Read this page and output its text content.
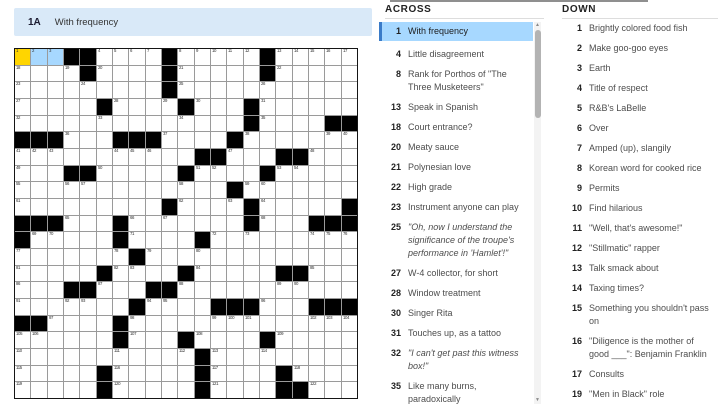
1A With frequency
1 2 3	4 5 6 7	8 9 10 11 12	13 14 15 16 17
18	19	20	21	22
23	24	25	26
27	28	29	30	31
32	33	34	35
36	37	38	39 40
41 42 43	44 45 46	47	48
49	50	51 52	53 54
55	56 57	58	59 60
61	62	63	64
65	66	67	68
69 70	71	72	73	74 75 76
77	78	79	80
81	82 83	84	85
86	87	88	89 90
91	92 93	94 95	96
97	98	99 100 101	102 103 104
105 106	107	108	109
110	111	112	113	114
115	116	117	118
119	120	121	122
ACROSS
1 With frequency
4 Little disagreement
8 Rank for Porthos of "The Three Musketeers"
13 Speak in Spanish
18 Court entrance?
20 Meaty sauce
21 Polynesian love
22 High grade
23 Instrument anyone can play
25 "Oh, now I understand the significance of the troupe's performance in 'Hamlet'!"
27 W-4 collector, for short
28 Window treatment
30 Singer Rita
31 Touches up, as a tattoo
32 "I can't get past this witness box!"
35 Like many burns, paradoxically
▲
▼
DOWN
1 Brightly colored food fish
2 Make goo-goo eyes
3 Earth
4 Title of respect
5 R&B's LaBelle
6 Over
7 Amped (up), slangily
8 Korean word for cooked rice
9 Permits
10 Find hilarious
11 "Well, that's awesome!"
12 "Stillmatic" rapper
13 Talk smack about
14 Taxing times?
15 Something you shouldn't pass on
16 "Diligence is the mother of good ___": Benjamin Franklin
17 Consults
19 "Men in Black" role
